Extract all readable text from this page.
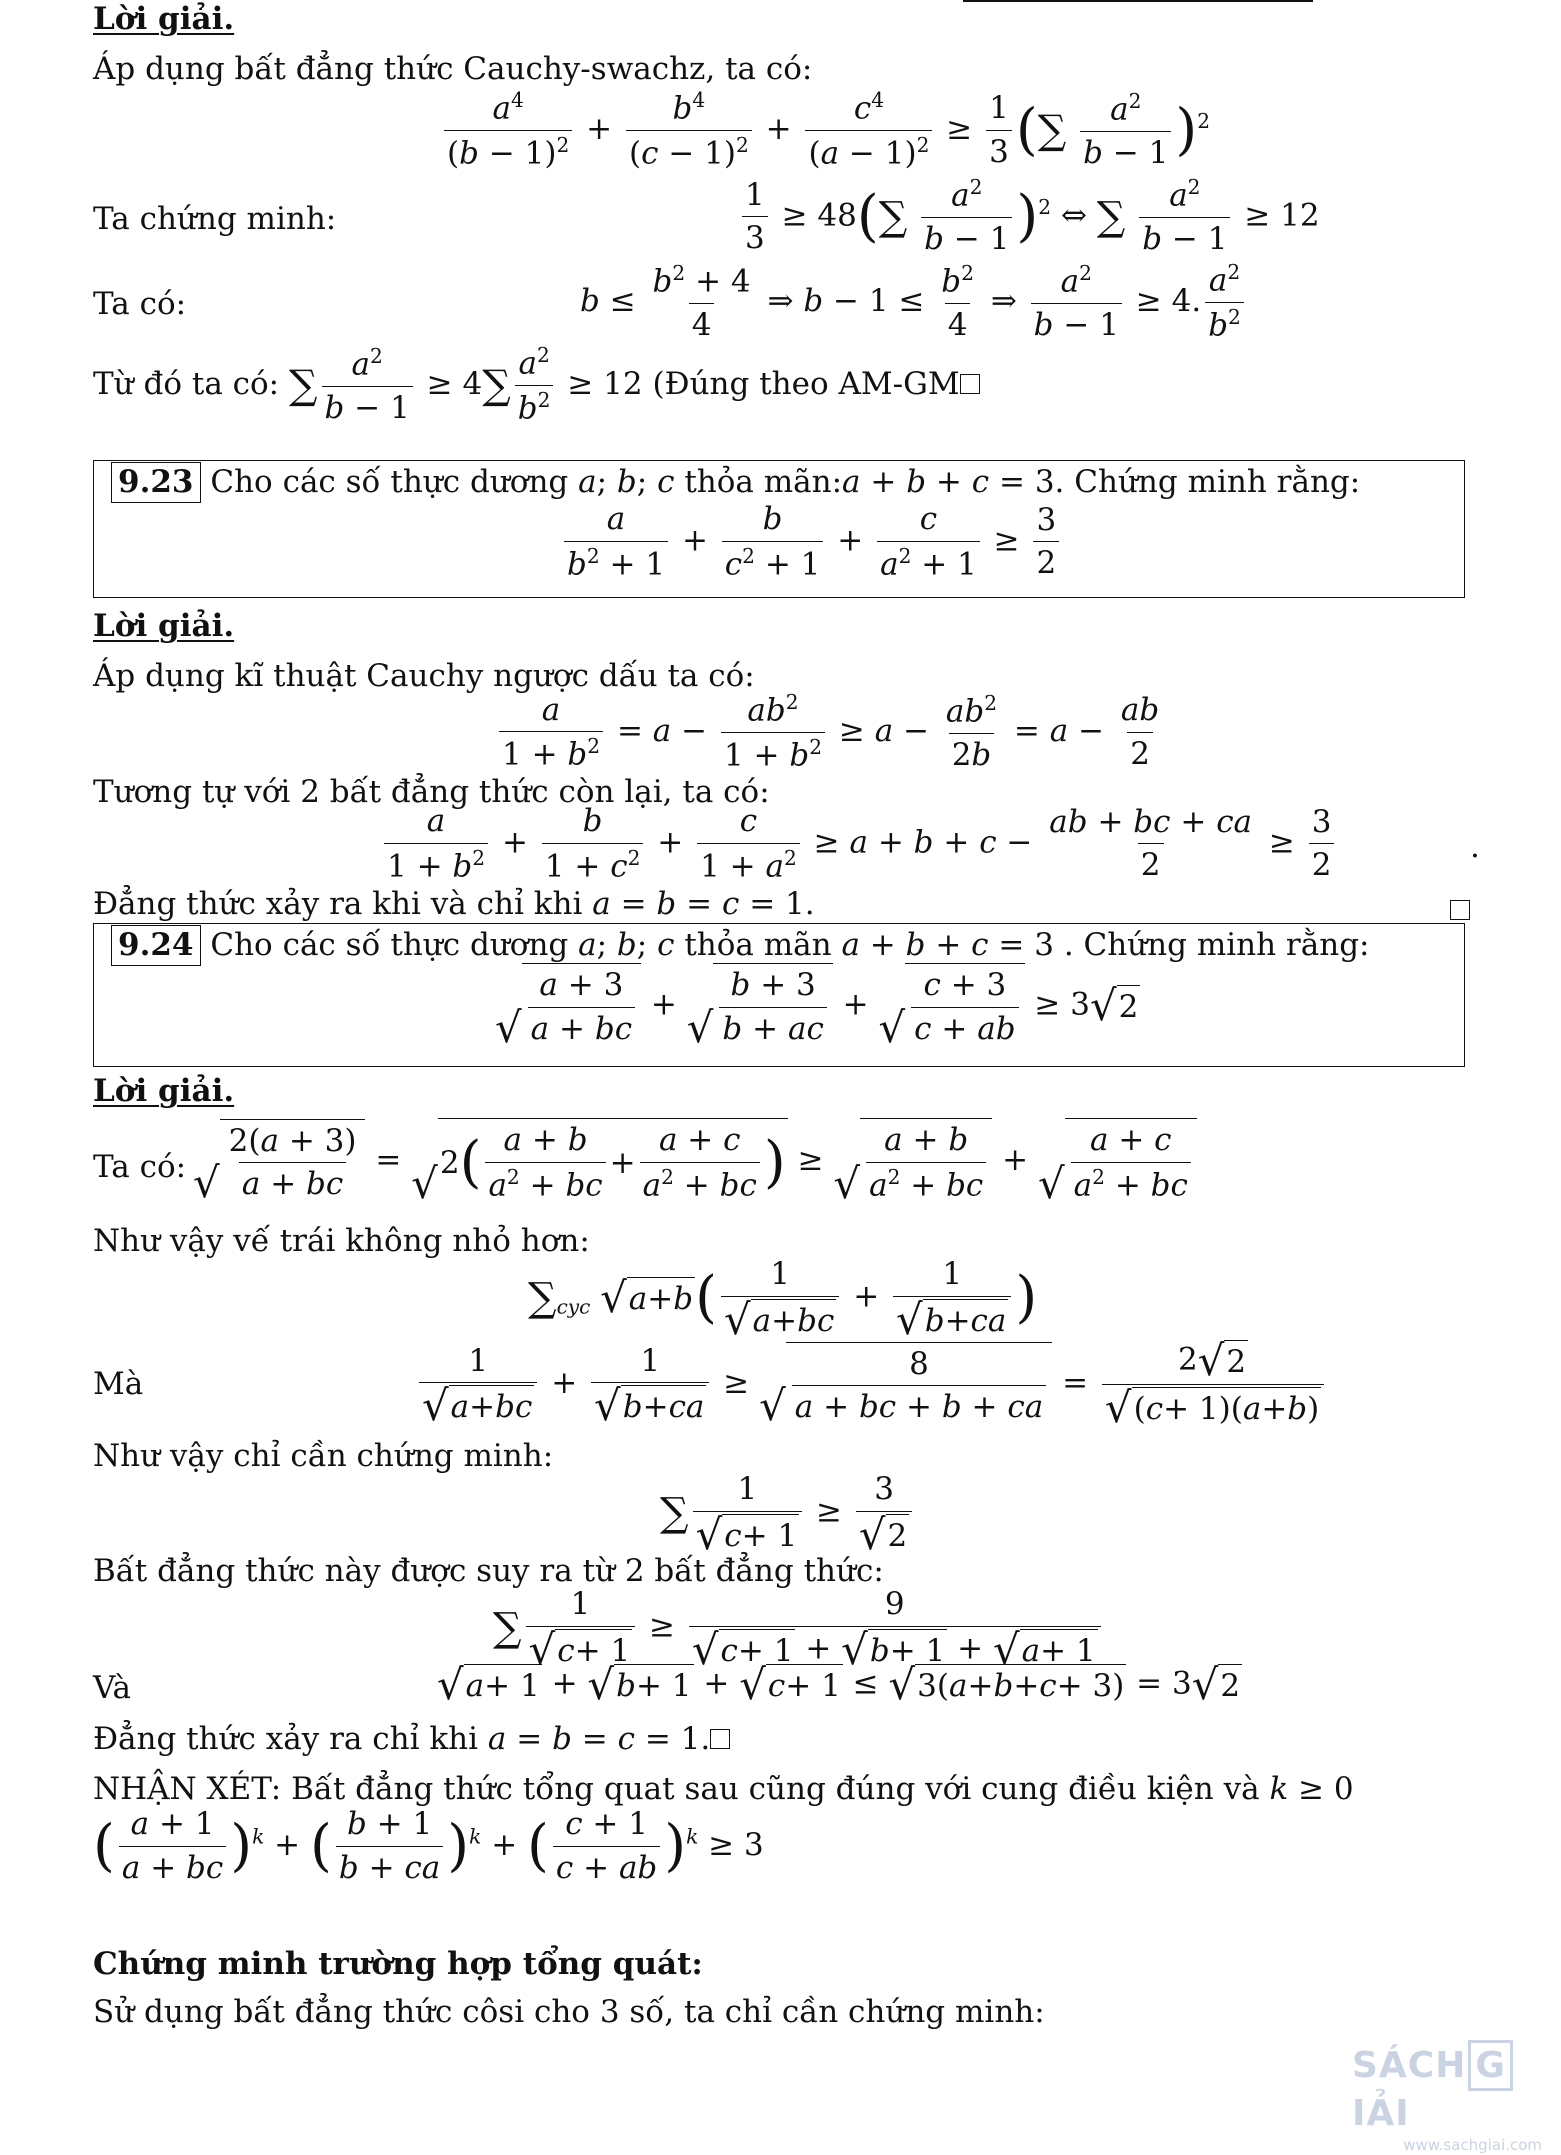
Lời giải.
Áp dụng bất đẳng thức Cauchy-swachz, ta có:
$\frac{a^4}{(b - 1)^2} + \frac{b^4}{(c - 1)^2} + \frac{c^4}{(a - 1)^2} \ge \frac{1}{3}$ (∑ $\frac{a^2}{b - 1} )^2$
Ta chứng minh:	$\frac{1}{3} \ge 48(\sum \frac{a^2}{b - 1} )^2$ ⇔ ∑ $\frac{a^2}{b - 1} \ge 12$
Ta có:	$b \le \frac{b^2 + 4}{4}$ ⇒ $b - 1 \le \frac{b^2}{4}$ ⇒ $\frac{a^2}{b - 1} \ge 4$. $\frac{a^2}{b^2}$
Từ đó ta có: ∑ $\frac{a^2}{b - 1} \ge 4\sum \frac{a^2}{b^2} \ge 12$ (Đúng theo AM-GM
9.23 Cho các số thực dương a; b; c thỏa mãn:a + b + c = 3. Chứng minh rằng:
$\frac{a}{b^2 + 1} + \frac{b}{c^2 + 1} + \frac{c}{a^2 + 1} \ge \frac{3}{2}$
Lời giải.
Áp dụng kĩ thuật Cauchy ngược dấu ta có:
$\frac{a}{1 + b^2} = a - \frac{ab^2}{1 + b^2} \ge a - \frac{ab^2}{2b} = a - \frac{ab}{2}$
Tương tự với 2 bất đẳng thức còn lại, ta có:
$\frac{a}{1 + b^2} + \frac{b}{1 + c^2} + \frac{c}{1 + a^2} \ge a + b + c - \frac{ab + bc + ca}{2} \ge \frac{3}{2}$	.
Đẳng thức xảy ra khi và chỉ khi a = b = c = 1.
9.24 Cho các số thực dương a; b; c thỏa mãn a + b + c = 3 . Chứng minh rằng:
√ $\frac{a + 3}{a + bc}$ + √ $\frac{b + 3}{b + ac}$ + √ $\frac{c + 3}{c + ab} \ge 3$ √ 2
Lời giải.
Ta có: √ $\frac{2(a + 3)}{a + bc}$ = √ 2 ( $\frac{a + b}{a^2 + bc} + \frac{a + c}{a^2 + bc}$ ) ≥ √ $\frac{a + b}{a^2 + bc}$ + √ $\frac{a + c}{a^2 + bc}$
Như vậy vế trái không nhỏ hơn:
$\sum_{cyc}$ √ a + b ( $\frac{1}{√ a + bc} + \frac{1}{√ b + ca}$ )
Mà	$\frac{1}{√ a + bc} + \frac{1}{√ b + ca}$ ≥ √ $\frac{8}{a + bc + b + ca} = \frac{2 √ 2}{√ ( c + 1)( a + b )}$
Như vậy chỉ cần chứng minh:
∑ $\frac{1}{√ c + 1} \ge \frac{3}{√ 2}$
Bất đẳng thức này được suy ra từ 2 bất đẳng thức:
∑ $\frac{1}{√ c + 1} \ge \frac{9}{√ c + 1 + √ b + 1 + √ a + 1}$
Và	√ a + 1 + √ b + 1 + √ c + 1 ≤ √ 3( a + b + c + 3) = 3 √ 2
Đẳng thức xảy ra chỉ khi a = b = c = 1.
NHẬN XÉT: Bất đẳng thức tổng quat sau cũng đúng với cung điều kiện và k ≥ 0
( $\frac{a + 1}{a + bc} )^k$ + ( $\frac{b + 1}{b + ca} )^k$ + ( $\frac{c + 1}{c + ab} )^k \ge 3$
Chứng minh trường hợp tổng quát:
Sử dụng bất đẳng thức côsi cho 3 số, ta chỉ cần chứng minh:
SÁCH GIẢI
www.sachgiai.com
